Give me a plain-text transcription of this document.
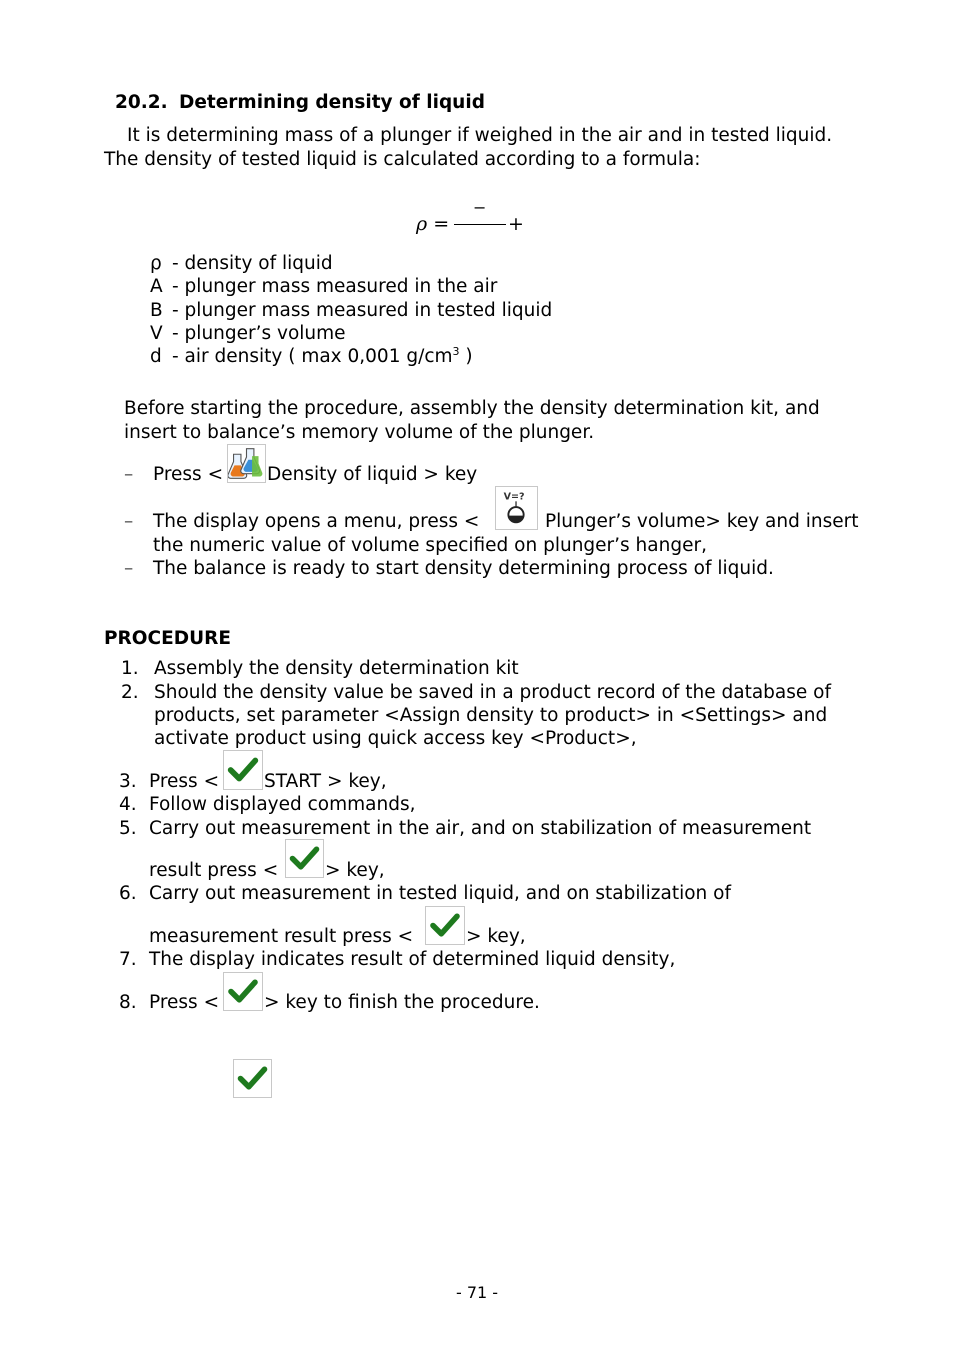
20.2. Determining density of liquid
It is determining mass of a plunger if weighed in the air and in tested liquid.
The density of tested liquid is calculated according to a formula:
ρ =
−
+
ρ - density of liquid
A - plunger mass measured in the air
B - plunger mass measured in tested liquid
V - plunger’s volume
d - air density ( max 0,001 $g/cm^3$ )
Before starting the procedure, assembly the density determination kit, and
insert to balance’s memory volume of the plunger.
– Press < Density of liquid > key
– The display opens a menu, press <
V=?
Plunger’s volume> key and insert
the numeric value of volume specified on plunger’s hanger,
– The balance is ready to start density determining process of liquid.
PROCEDURE
1. Assembly the density determination kit
2. Should the density value be saved in a product record of the database of
products, set parameter <Assign density to product> in <Settings> and
activate product using quick access key <Product>,
3. Press < START > key,
4. Follow displayed commands,
5. Carry out measurement in the air, and on stabilization of measurement
result press <	> key,
6. Carry out measurement in tested liquid, and on stabilization of
measurement result press <	> key,
7. The display indicates result of determined liquid density,
8. Press < > key to finish the procedure.
- 71 -
